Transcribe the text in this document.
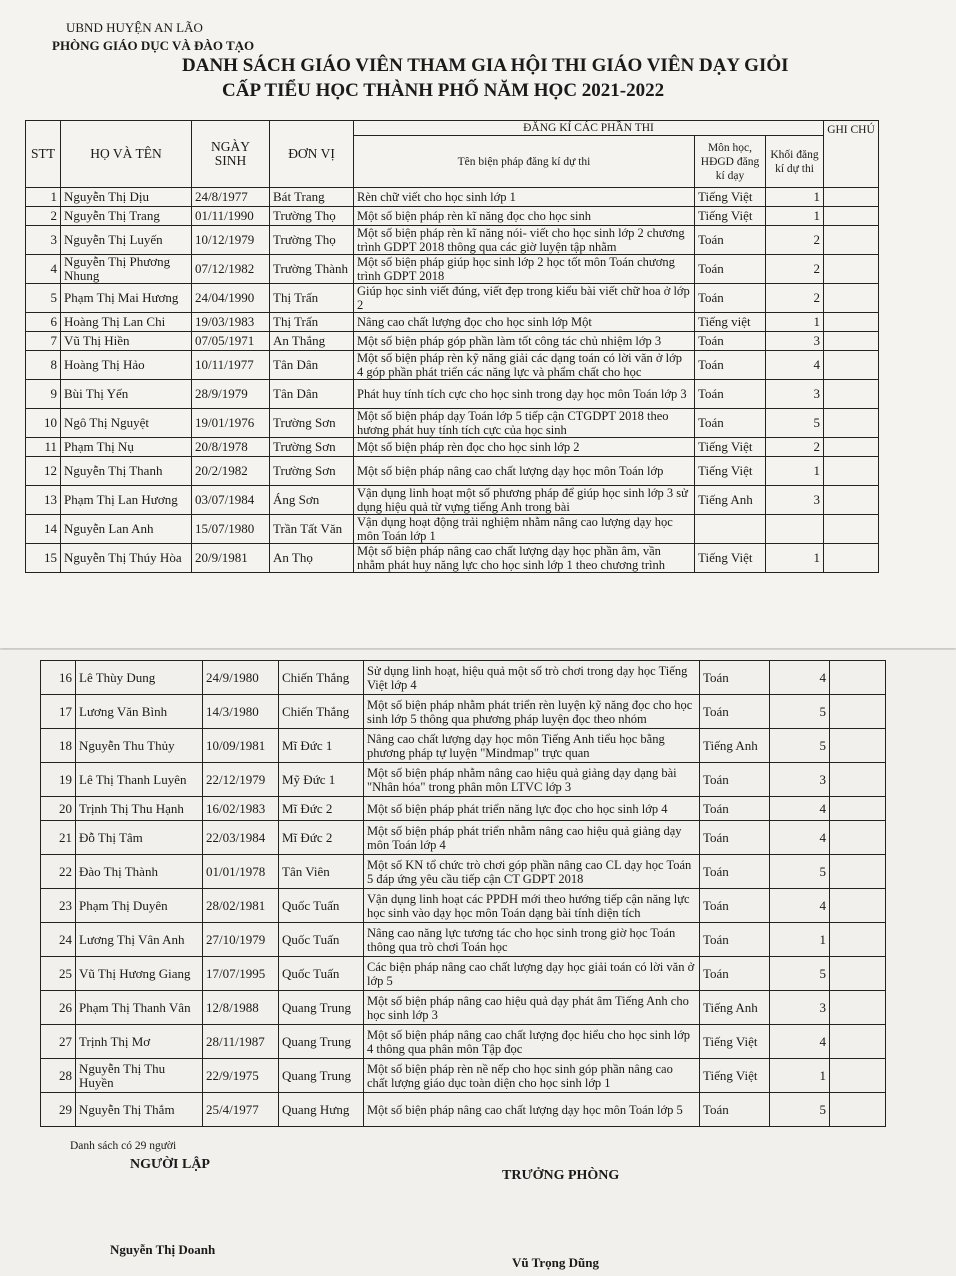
UBND HUYỆN AN LÃO
PHÒNG GIÁO DỤC VÀ ĐÀO TẠO
DANH SÁCH GIÁO VIÊN THAM GIA HỘI THI GIÁO VIÊN DẠY GIỎI
CẤP TIỂU HỌC THÀNH PHỐ NĂM HỌC 2021-2022
STT	HỌ VÀ TÊN	NGÀY SINH	ĐƠN VỊ	ĐĂNG KÍ CÁC PHẦN THI			GHI CHÚ
				Tên biện pháp đăng kí dự thi	Môn học, HĐGD đăng kí dạy	Khối đăng kí dự thi	
1	Nguyễn Thị Dịu	24/8/1977	Bát Trang	Rèn chữ viết cho học sinh lớp 1	Tiếng Việt	1	
2	Nguyễn Thị Trang	01/11/1990	Trường Thọ	Một số biện pháp rèn kĩ năng đọc cho học sinh	Tiếng Việt	1	
3	Nguyễn Thị Luyến	10/12/1979	Trường Thọ	Một số biện pháp rèn kĩ năng nói- viết cho học sinh lớp 2 chương trình GDPT 2018 thông qua các giờ luyện tập nhằm	Toán	2	
4	Nguyễn Thị Phương Nhung	07/12/1982	Trường Thành	Một số biện pháp giúp học sinh lớp 2 học tốt môn Toán chương trình GDPT 2018	Toán	2	
5	Phạm Thị Mai Hương	24/04/1990	Thị Trấn	Giúp học sinh viết đúng, viết đẹp trong kiểu bài viết chữ hoa ở lớp 2	Toán	2	
6	Hoàng Thị Lan Chi	19/03/1983	Thị Trấn	Nâng cao chất lượng đọc cho học sinh lớp Một	Tiếng việt	1	
7	Vũ Thị Hiền	07/05/1971	An Thắng	Một số biện pháp góp phần làm tốt công tác chủ nhiệm lớp 3	Toán	3	
8	Hoàng Thị Hảo	10/11/1977	Tân Dân	Một số biện pháp rèn kỹ năng giải các dạng toán có lời văn ở lớp 4 góp phần phát triển các năng lực và phẩm chất cho học	Toán	4	
9	Bùi Thị Yến	28/9/1979	Tân Dân	Phát huy tính tích cực cho học sinh trong dạy học môn Toán lớp 3	Toán	3	
10	Ngô Thị Nguyệt	19/01/1976	Trường Sơn	Một số biện pháp dạy Toán lớp 5 tiếp cận CTGDPT 2018 theo hương phát huy tính tích cực của học sinh	Toán	5	
11	Phạm Thị Nụ	20/8/1978	Trường Sơn	Một số biện pháp rèn đọc cho học sinh lớp 2	Tiếng Việt	2	
12	Nguyễn Thị Thanh	20/2/1982	Trường Sơn	Một số biện pháp nâng cao chất lượng dạy học môn Toán lớp	Tiếng Việt	1	
13	Phạm Thị Lan Hương	03/07/1984	Áng Sơn	Vận dụng linh hoạt một số phương pháp để giúp học sinh lớp 3 sử dụng hiệu quả từ vựng tiếng Anh trong bài	Tiếng Anh	3	
14	Nguyễn Lan Anh	15/07/1980	Trần Tất Văn	Vận dụng hoạt động trải nghiệm nhằm nâng cao lượng dạy học môn Toán lớp 1			
15	Nguyễn Thị Thúy Hòa	20/9/1981	An Thọ	Một số biện pháp nâng cao chất lượng dạy học phần âm, vần nhằm phát huy năng lực cho học sinh lớp 1 theo chương trình	Tiếng Việt	1	
16	Lê Thùy Dung	24/9/1980	Chiến Thắng	Sử dụng linh hoạt, hiệu quả một số trò chơi trong dạy học Tiếng Việt lớp 4	Toán	4	
17	Lương Văn Bình	14/3/1980	Chiến Thắng	Một số biện pháp nhằm phát triển rèn luyện kỹ năng đọc cho học sinh lớp 5 thông qua phương pháp luyện đọc theo nhóm	Toán	5	
18	Nguyễn Thu Thủy	10/09/1981	Mĩ Đức 1	Nâng cao chất lượng dạy học môn Tiếng Anh tiểu học bằng phương pháp tự luyện "Mindmap" trực quan	Tiếng Anh	5	
19	Lê Thị Thanh Luyên	22/12/1979	Mỹ Đức 1	Một số biện pháp nhằm nâng cao hiệu quả giảng dạy dạng bài "Nhân hóa" trong phân môn LTVC lớp 3	Toán	3	
20	Trịnh Thị Thu Hạnh	16/02/1983	Mĩ Đức 2	Một số biện pháp phát triển năng lực đọc cho học sinh lớp 4	Toán	4	
21	Đỗ Thị Tâm	22/03/1984	Mĩ Đức 2	Một số biện pháp phát triển nhằm nâng cao hiệu quả giảng dạy môn Toán lớp 4	Toán	4	
22	Đào Thị Thành	01/01/1978	Tân Viên	Một số KN tổ chức trò chơi góp phần nâng cao CL dạy học Toán 5 đáp ứng yêu cầu tiếp cận CT GDPT 2018	Toán	5	
23	Phạm Thị Duyên	28/02/1981	Quốc Tuấn	Vận dụng linh hoạt các PPDH mới theo hướng tiếp cận năng lực học sinh vào dạy học môn Toán dạng bài tính diện tích	Toán	4	
24	Lương Thị Vân Anh	27/10/1979	Quốc Tuấn	Nâng cao năng lực tương tác cho học sinh trong giờ học Toán thông qua trò chơi Toán học	Toán	1	
25	Vũ Thị Hương Giang	17/07/1995	Quốc Tuấn	Các biện pháp nâng cao chất lượng dạy học giải toán có lời văn ở lớp 5	Toán	5	
26	Phạm Thị Thanh Vân	12/8/1988	Quang Trung	Một số biện pháp nâng cao hiệu quả dạy phát âm Tiếng Anh cho học sinh lớp 3	Tiếng Anh	3	
27	Trịnh Thị Mơ	28/11/1987	Quang Trung	Một số biện pháp nâng cao chất lượng đọc hiểu cho học sinh lớp 4 thông qua phân môn Tập đọc	Tiếng Việt	4	
28	Nguyễn Thị Thu Huyền	22/9/1975	Quang Trung	Một số biện pháp rèn nề nếp cho học sinh góp phần nâng cao chất lượng giáo dục toàn diện cho học sinh lớp 1	Tiếng Việt	1	
29	Nguyễn Thị Thắm	25/4/1977	Quang Hưng	Một số biện pháp nâng cao chất lượng dạy học môn Toán lớp 5	Toán	5	
Danh sách có 29 người
NGƯỜI LẬP
TRƯỞNG PHÒNG
Nguyễn Thị Doanh
Vũ Trọng Dũng
